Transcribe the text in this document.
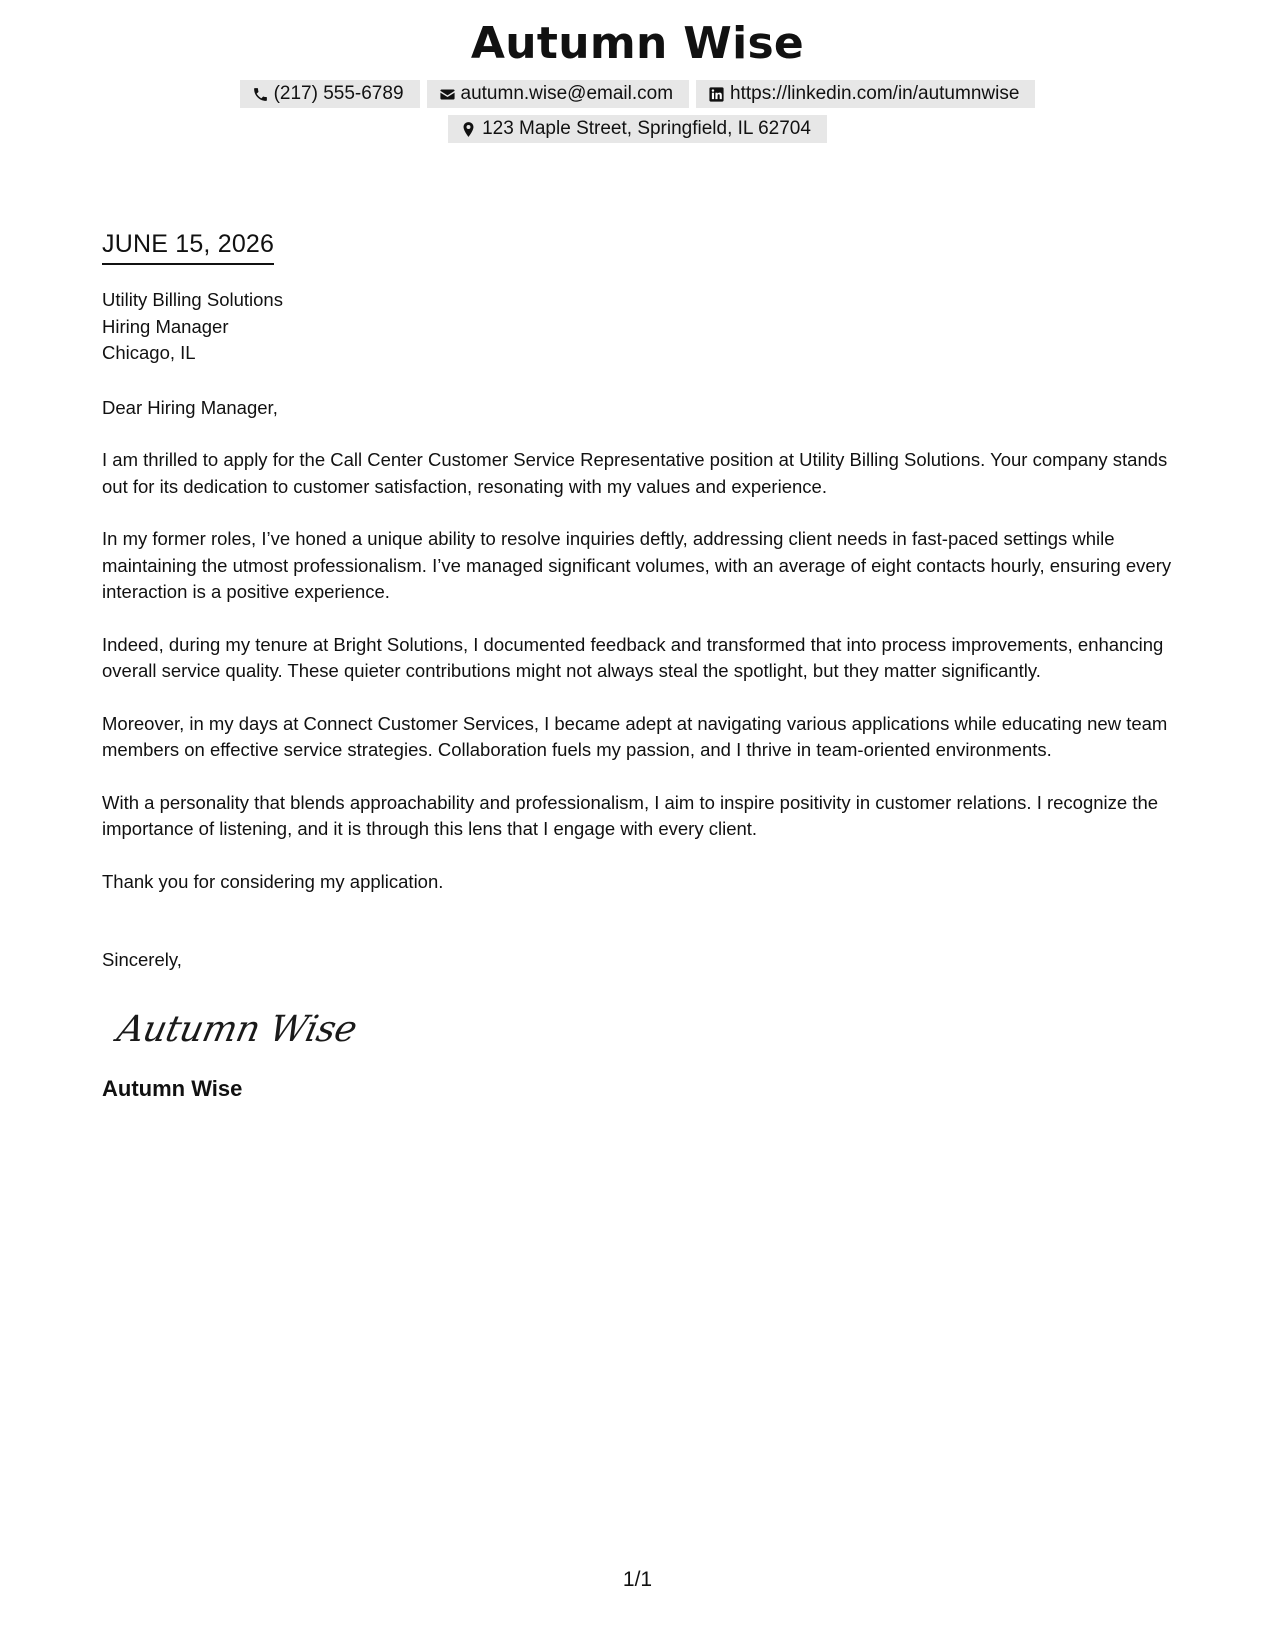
Autumn Wise
(217) 555-6789	autumn.wise@email.com	https://linkedin.com/in/autumnwise
123 Maple Street, Springfield, IL 62704
JUNE 15, 2026

Utility Billing Solutions

Hiring Manager

Chicago, IL

Dear Hiring Manager,

I am thrilled to apply for the Call Center Customer Service Representative position at Utility Billing Solutions. Your company stands out for its dedication to customer satisfaction, resonating with my values and experience.

In my former roles, I’ve honed a unique ability to resolve inquiries deftly, addressing client needs in fast-paced settings while maintaining the utmost professionalism. I’ve managed significant volumes, with an average of eight contacts hourly, ensuring every interaction is a positive experience.

Indeed, during my tenure at Bright Solutions, I documented feedback and transformed that into process improvements, enhancing overall service quality. These quieter contributions might not always steal the spotlight, but they matter significantly.

Moreover, in my days at Connect Customer Services, I became adept at navigating various applications while educating new team members on effective service strategies. Collaboration fuels my passion, and I thrive in team-oriented environments.

With a personality that blends approachability and professionalism, I aim to inspire positivity in customer relations. I recognize the importance of listening, and it is through this lens that I engage with every client.

Thank you for considering my application.

Sincerely,

Autumn Wise

Autumn Wise

1/1
